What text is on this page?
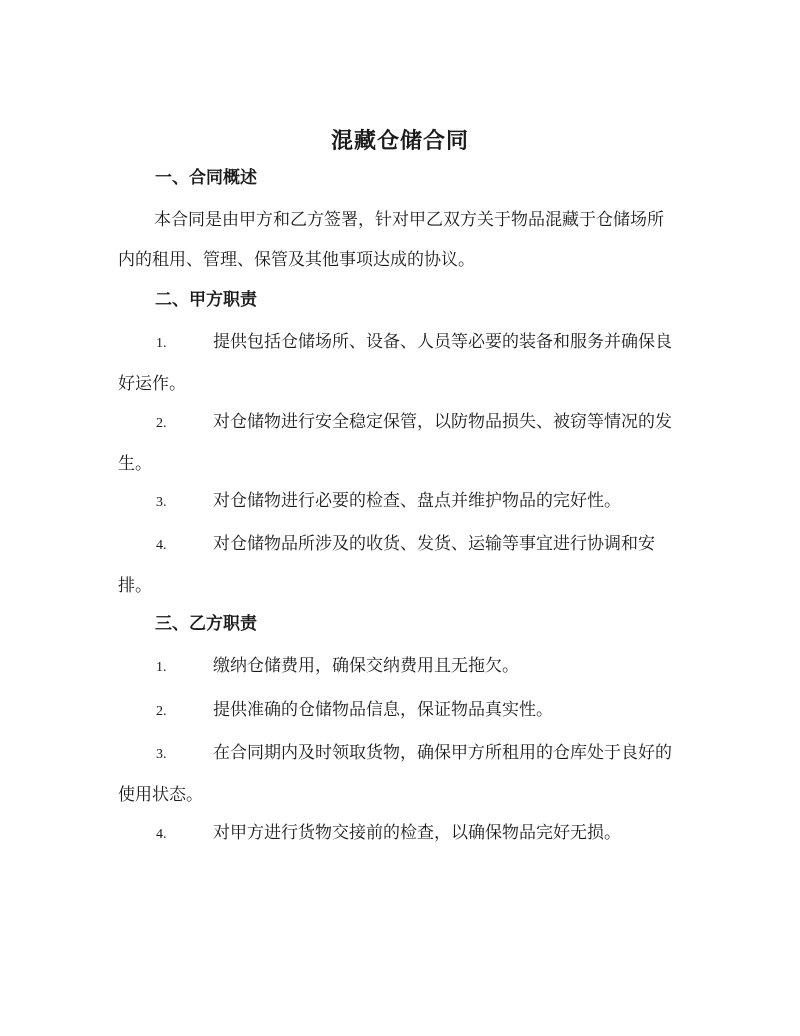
混藏仓储合同
一、合同概述

本合同是由甲方和乙方签署，针对甲乙双方关于物品混藏于仓储场所内的租用、管理、保管及其他事项达成的协议。

二、甲方职责

1.	提供包括仓储场所、设备、人员等必要的装备和服务并确保良好运作。

2.	对仓储物进行安全稳定保管，以防物品损失、被窃等情况的发生。

3.	对仓储物进行必要的检查、盘点并维护物品的完好性。

4.	对仓储物品所涉及的收货、发货、运输等事宜进行协调和安排。

三、乙方职责

1.	缴纳仓储费用，确保交纳费用且无拖欠。

2.	提供准确的仓储物品信息，保证物品真实性。

3.	在合同期内及时领取货物，确保甲方所租用的仓库处于良好的使用状态。

4.	对甲方进行货物交接前的检查，以确保物品完好无损。
